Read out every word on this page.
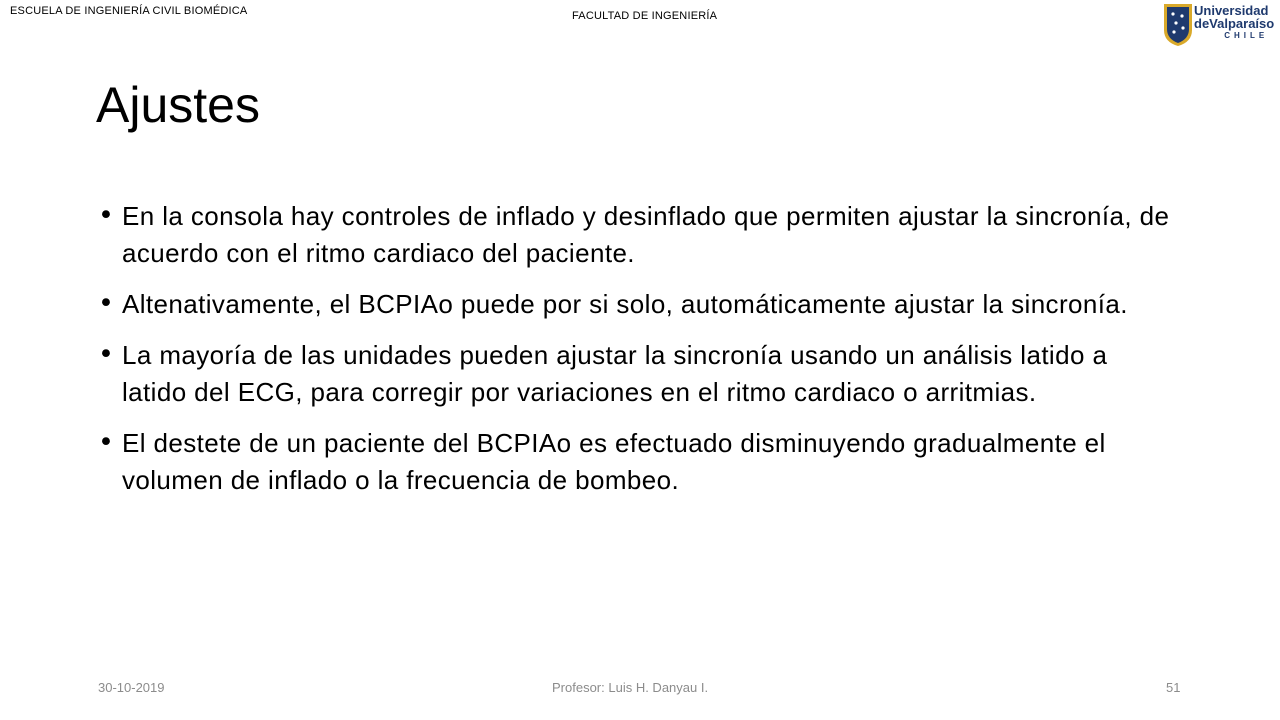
ESCUELA DE INGENIERÍA CIVIL BIOMÉDICA	FACULTAD DE INGENIERÍA	Universidad
deValparaíso
CHILE
Ajustes
• En la consola hay controles de inflado y desinflado que permiten ajustar la sincronía, de acuerdo con el ritmo cardiaco del paciente.
• Altenativamente, el BCPIAo puede por si solo, automáticamente ajustar la sincronía.
• La mayoría de las unidades pueden ajustar la sincronía usando un análisis latido a latido del ECG, para corregir por variaciones en el ritmo cardiaco o arritmias.
• El destete de un paciente del BCPIAo es efectuado disminuyendo gradualmente el volumen de inflado o la frecuencia de bombeo.
30-10-2019	Profesor: Luis H. Danyau I.	51
